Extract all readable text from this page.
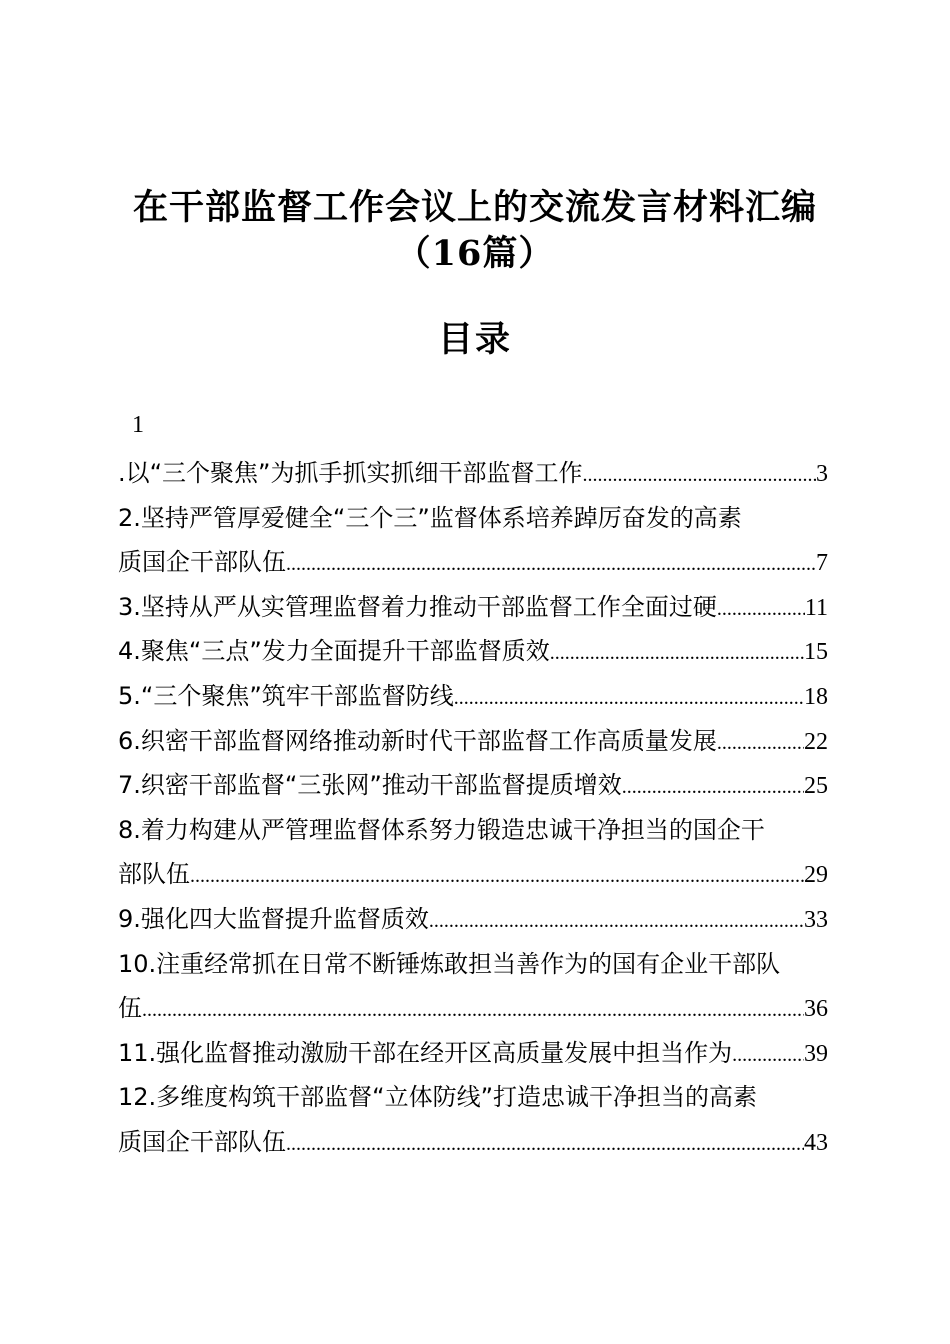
在干部监督工作会议上的交流发言材料汇编
（16篇）
目录
1
.以“三个聚焦”为抓手抓实抓细干部监督工作 .....	3
2.坚持严管厚爱健全“三个三”监督体系培养踔厉奋发的高素
质国企干部队伍 .....	7
3.坚持从严从实管理监督着力推动干部监督工作全面过硬 .....	11
4.聚焦“三点”发力全面提升干部监督质效 .....	15
5.“三个聚焦”筑牢干部监督防线 .....	18
6.织密干部监督网络推动新时代干部监督工作高质量发展 .....	22
7.织密干部监督“三张网”推动干部监督提质增效 .....	25
8.着力构建从严管理监督体系努力锻造忠诚干净担当的国企干
部队伍 .....	29
9.强化四大监督提升监督质效 .....	33
10.注重经常抓在日常不断锤炼敢担当善作为的国有企业干部队
伍 .....	36
11.强化监督推动激励干部在经开区高质量发展中担当作为 .....	39
12.多维度构筑干部监督“立体防线”打造忠诚干净担当的高素
质国企干部队伍 .....	43
